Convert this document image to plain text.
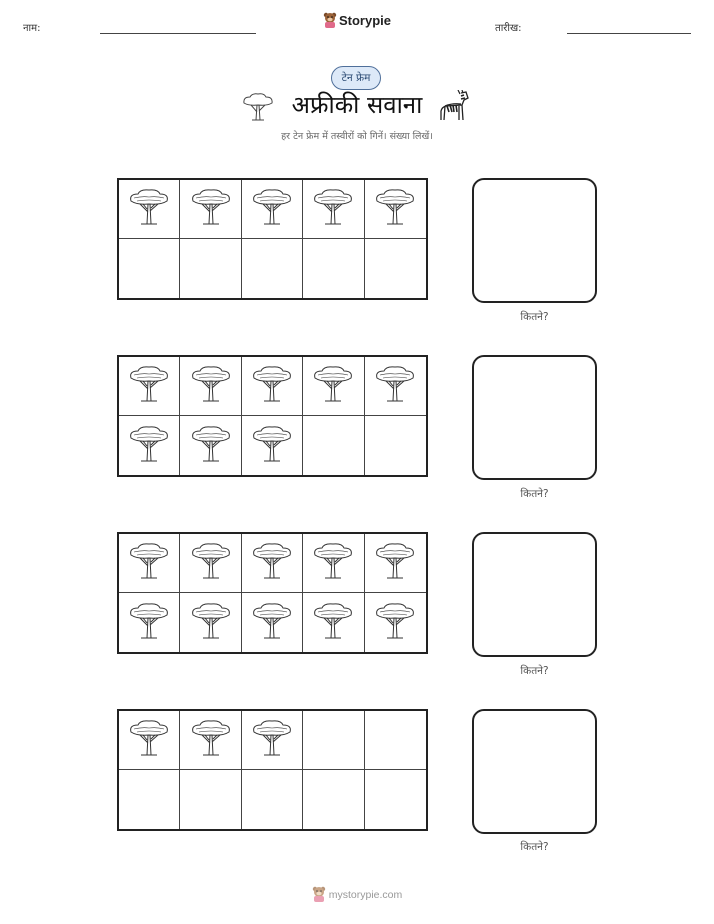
नाम:
Storypie
तारीख:
टेन फ्रेम
अफ्रीकी सवाना
हर टेन फ्रेम में तस्वीरों को गिनें। संख्या लिखें।
कितने?
कितने?
कितने?
कितने?
mystorypie.com
